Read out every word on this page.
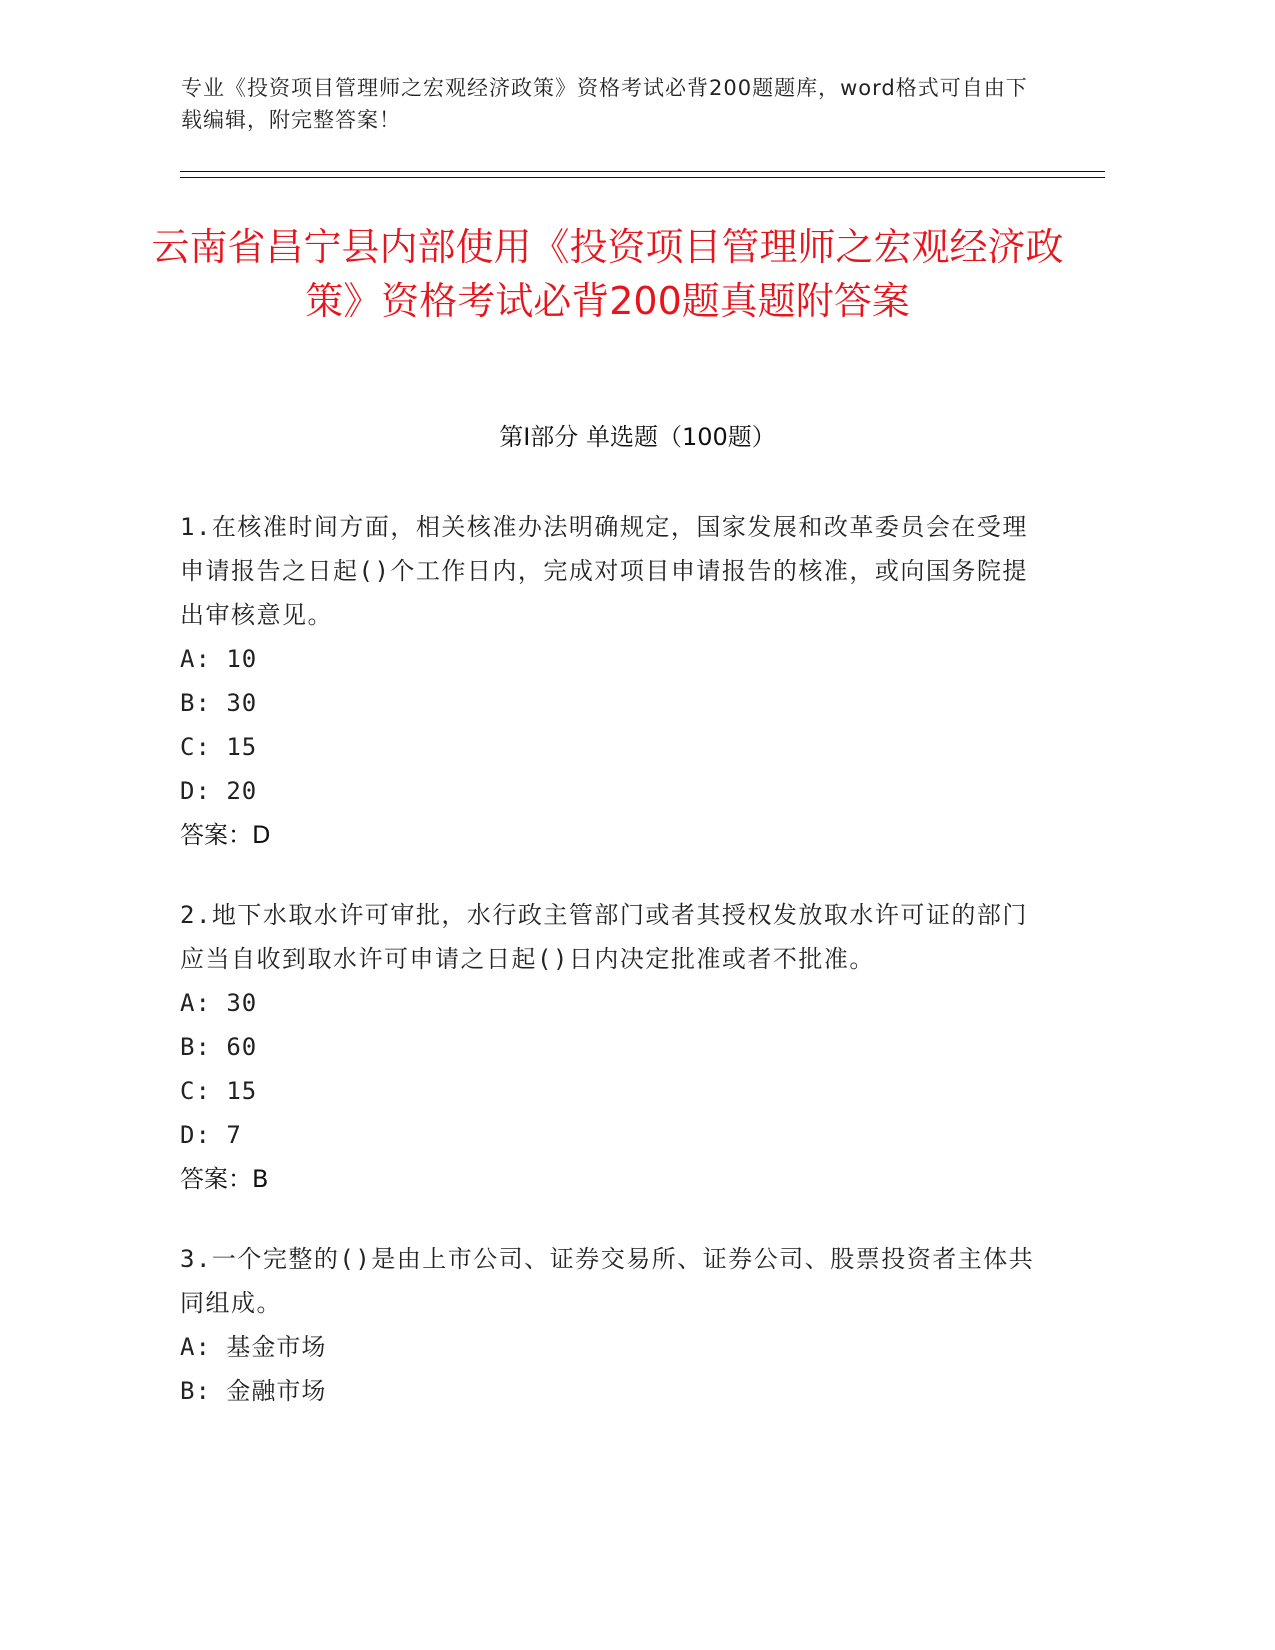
专业《投资项目管理师之宏观经济政策》资格考试必背200题题库，word格式可自由下载编辑，附完整答案！
云南省昌宁县内部使用《投资项目管理师之宏观经济政策》资格考试必背200题真题附答案
第Ⅰ部分 单选题（100题）

1.在核准时间方面，相关核准办法明确规定，国家发展和改革委员会在受理申请报告之日起()个工作日内，完成对项目申请报告的核准，或向国务院提出审核意见。

A: 10

B: 30

C: 15

D: 20

答案：D

2.地下水取水许可审批，水行政主管部门或者其授权发放取水许可证的部门应当自收到取水许可申请之日起()日内决定批准或者不批准。

A: 30

B: 60

C: 15

D: 7

答案：B

3.一个完整的()是由上市公司、证券交易所、证券公司、股票投资者主体共同组成。

A: 基金市场

B: 金融市场
